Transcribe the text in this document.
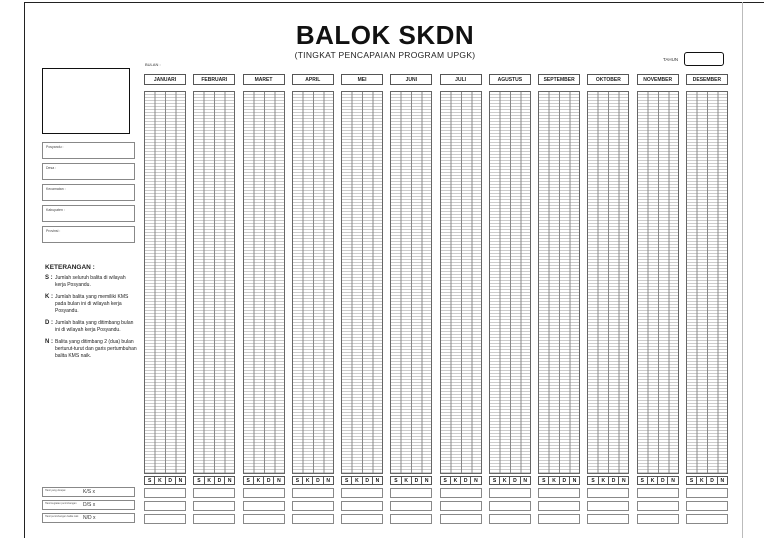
BALOK SKDN
(TINGKAT PENCAPAIAN PROGRAM UPGK)
BULAN :
TAHUN
Posyandu :
Desa :
Kecamatan :
Kabupaten :
Provinsi :
KETERANGAN :
S : Jumlah seluruh balita di wilayah kerja Posyandu.
K : Jumlah balita yang memiliki KMS pada bulan ini di wilayah kerja Posyandu.
D : Jumlah balita yang ditimbang bulan ini di wilayah kerja Posyandu.
N : Balita yang ditimbang 2 (dua) bulan berturut-turut dan garis pertumbuhan balita KMS naik.
Hasil yang dicapai	K/S x
Hasil kegiatan penimbangan D/S x
Hasil penimbangan balita naik N/D x
JANUARI
S	K	D	N
FEBRUARI
S	K	D	N
MARET
S	K	D	N
APRIL
S	K	D	N
MEI
S	K	D	N
JUNI
S	K	D	N
JULI
S	K	D	N
AGUSTUS
S	K	D	N
SEPTEMBER
S	K	D	N
OKTOBER
S	K	D	N
NOVEMBER
S	K	D	N
DESEMBER
S	K	D	N
